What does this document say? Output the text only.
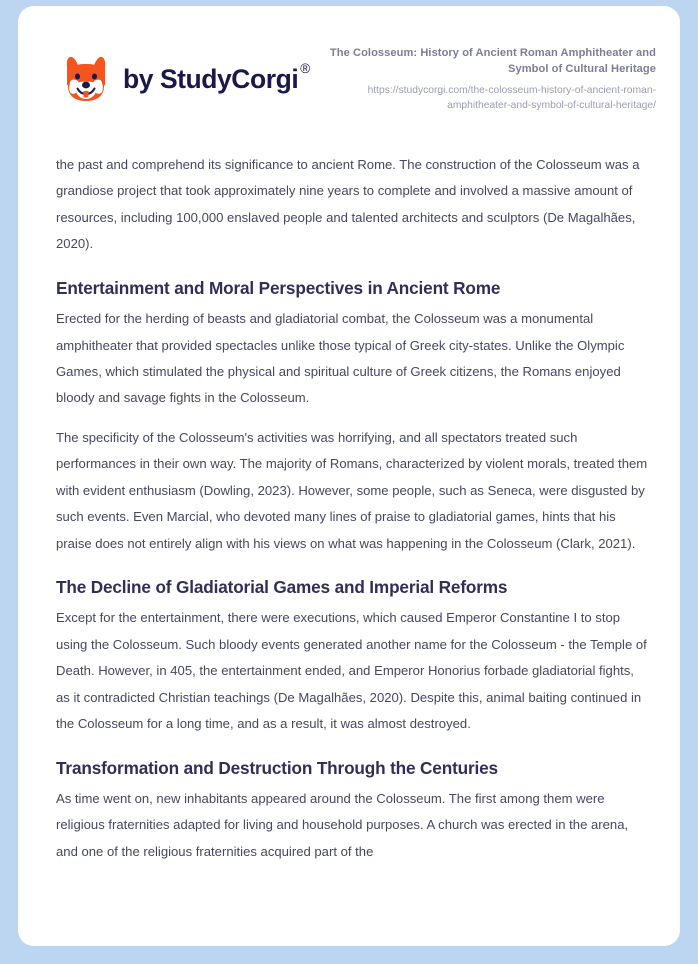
by StudyCorgi ®
The Colosseum: History of Ancient Roman Amphitheater and Symbol of Cultural Heritage
https://studycorgi.com/the-colosseum-history-of-ancient-roman-amphitheater-and-symbol-of-cultural-heritage/

the past and comprehend its significance to ancient Rome. The construction of the Colosseum was a grandiose project that took approximately nine years to complete and involved a massive amount of resources, including 100,000 enslaved people and talented architects and sculptors (De Magalhães, 2020).

Entertainment and Moral Perspectives in Ancient Rome

Erected for the herding of beasts and gladiatorial combat, the Colosseum was a monumental amphitheater that provided spectacles unlike those typical of Greek city-states. Unlike the Olympic Games, which stimulated the physical and spiritual culture of Greek citizens, the Romans enjoyed bloody and savage fights in the Colosseum.

The specificity of the Colosseum's activities was horrifying, and all spectators treated such performances in their own way. The majority of Romans, characterized by violent morals, treated them with evident enthusiasm (Dowling, 2023). However, some people, such as Seneca, were disgusted by such events. Even Marcial, who devoted many lines of praise to gladiatorial games, hints that his praise does not entirely align with his views on what was happening in the Colosseum (Clark, 2021).

The Decline of Gladiatorial Games and Imperial Reforms

Except for the entertainment, there were executions, which caused Emperor Constantine I to stop using the Colosseum. Such bloody events generated another name for the Colosseum - the Temple of Death. However, in 405, the entertainment ended, and Emperor Honorius forbade gladiatorial fights, as it contradicted Christian teachings (De Magalhães, 2020). Despite this, animal baiting continued in the Colosseum for a long time, and as a result, it was almost destroyed.

Transformation and Destruction Through the Centuries

As time went on, new inhabitants appeared around the Colosseum. The first among them were religious fraternities adapted for living and household purposes. A church was erected in the arena, and one of the religious fraternities acquired part of the
